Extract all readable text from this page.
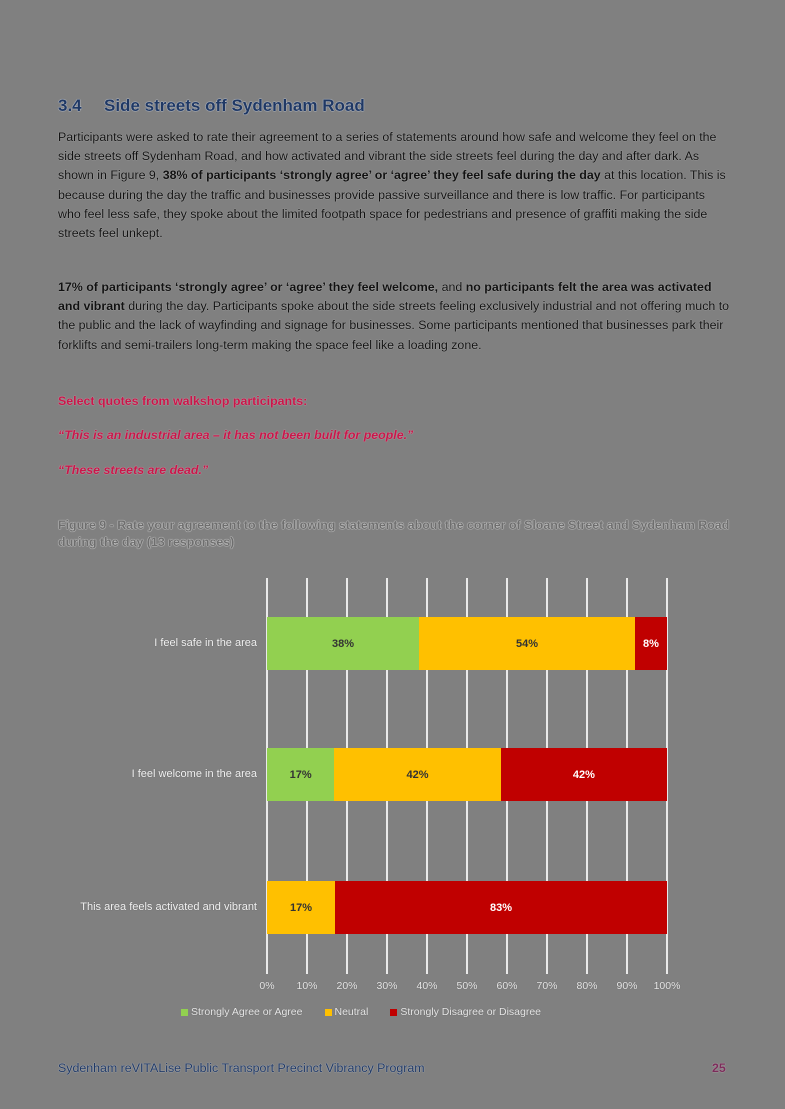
3.4 Side streets off Sydenham Road
Participants were asked to rate their agreement to a series of statements around how safe and welcome they feel on the side streets off Sydenham Road, and how activated and vibrant the side streets feel during the day and after dark. As shown in Figure 9, 38% of participants ‘strongly agree’ or ‘agree’ they feel safe during the day at this location. This is because during the day the traffic and businesses provide passive surveillance and there is low traffic. For participants who feel less safe, they spoke about the limited footpath space for pedestrians and presence of graffiti making the side streets feel unkept.
17% of participants ‘strongly agree’ or ‘agree’ they feel welcome, and no participants felt the area was activated and vibrant during the day. Participants spoke about the side streets feeling exclusively industrial and not offering much to the public and the lack of wayfinding and signage for businesses. Some participants mentioned that businesses park their forklifts and semi-trailers long-term making the space feel like a loading zone.
Select quotes from walkshop participants:
“This is an industrial area – it has not been built for people.”
“These streets are dead.”
Figure 9 - Rate your agreement to the following statements about the corner of Sloane Street and Sydenham Road during the day (13 responses)
I feel safe in the area
I feel welcome in the area
This area feels activated and vibrant
38%	54%	8%
17%	42%	42%
17%	83%
0%	10%	20%	30%	40%	50%	60%	70%	80%	90%	100%
Strongly Agree or Agree	Neutral	Strongly Disagree or Disagree
Sydenham reVITALise Public Transport Precinct Vibrancy Program	25
